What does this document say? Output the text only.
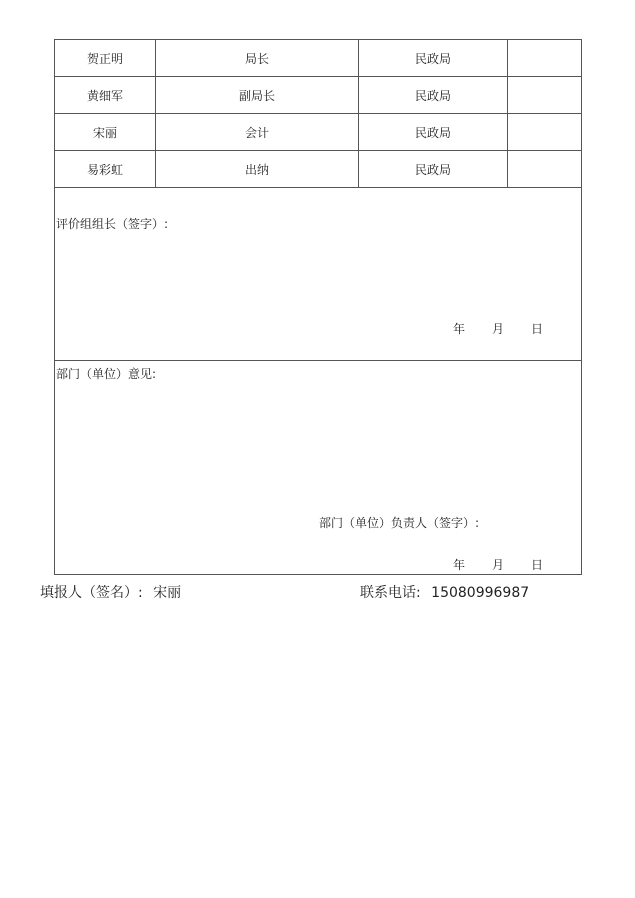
贺正明	局长	民政局	
黄细军	副局长	民政局	
宋丽	会计	民政局	
易彩虹	出纳	民政局	

评价组组长（签字）:
年 月 日			

部门（单位）意见:
部门（单位）负责人（签字）:
年 月 日			
填报人（签名）: 宋丽	联系电话: 15080996987
